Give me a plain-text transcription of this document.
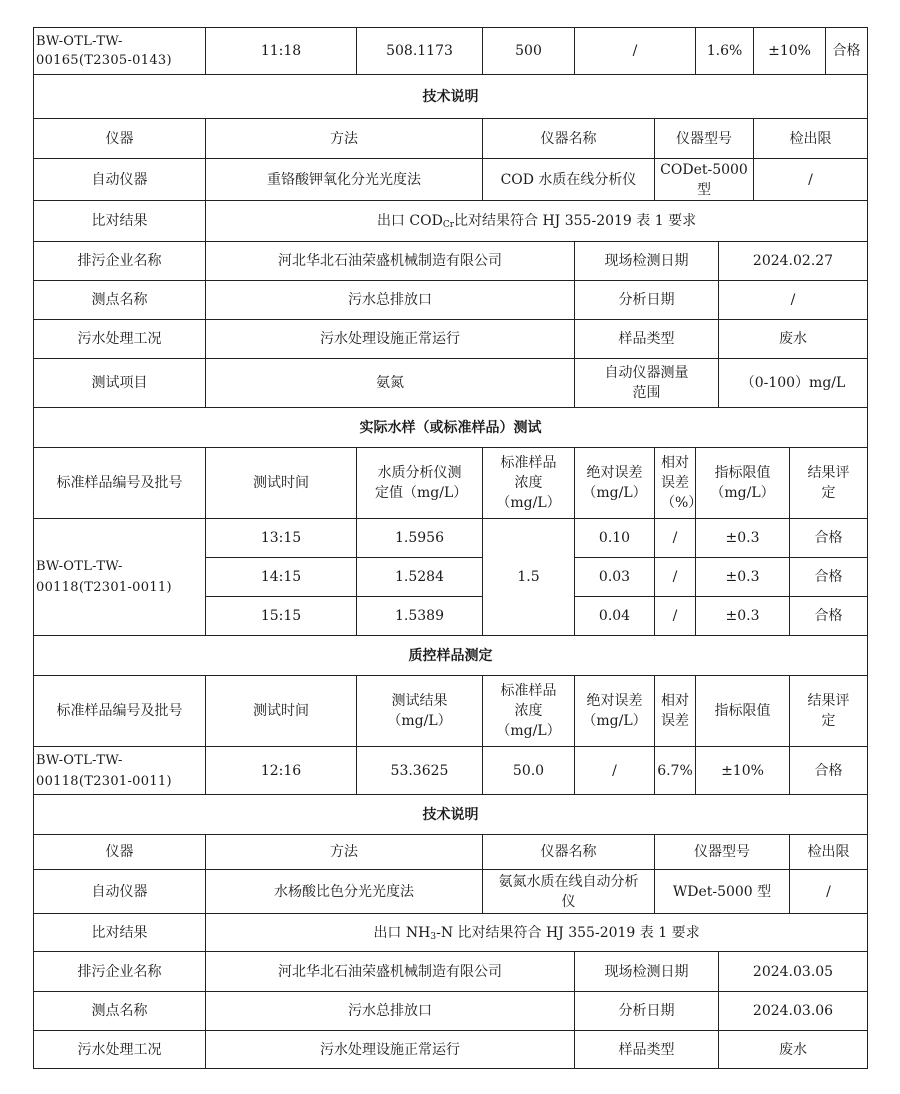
BW-OTL-TW-00165(T2305-0143)	11:18	508.1173	500	/		1.6%		±10%		合格
技术说明										
仪器	方法		仪器名称		仪器型号			检出限		
自动仪器	重铬酸钾氧化分光光度法		COD 水质在线分析仪		CODet-5000 型			/		
比对结果	出口 $COD_{Cr}$比对结果符合 HJ 355-2019 表 1 要求									
排污企业名称	河北华北石油荣盛机械制造有限公司			现场检测日期			2024.02.27			
测点名称	污水总排放口			分析日期			/			
污水处理工况	污水处理设施正常运行			样品类型			废水			
测试项目	氨氮			自动仪器测量范围			（0-100）mg/L			
实际水样（或标准样品）测试										
标准样品编号及批号	测试时间	水质分析仪测定值（mg/L）	标准样品浓度（mg/L）	绝对误差（mg/L）	相对误差（%）	指标限值（mg/L）			结果评定	
BW-OTL-TW-00118(T2301-0011)	13:15	1.5956	1.5	0.10	/	±0.3			合格	
	14:15	1.5284		0.03	/	±0.3			合格	
	15:15	1.5389		0.04	/	±0.3			合格	
质控样品测定										
标准样品编号及批号	测试时间	测试结果（mg/L）	标准样品浓度（mg/L）	绝对误差（mg/L）	相对误差	指标限值			结果评定	
BW-OTL-TW-00118(T2301-0011)	12:16	53.3625	50.0	/	6.7%	±10%			合格	
技术说明										
仪器	方法		仪器名称		仪器型号				检出限	
自动仪器	水杨酸比色分光光度法		氨氮水质在线自动分析仪		WDet-5000 型				/	
比对结果	出口 $NH_3-N$ 比对结果符合 HJ 355-2019 表 1 要求									
排污企业名称	河北华北石油荣盛机械制造有限公司			现场检测日期			2024.03.05			
测点名称	污水总排放口			分析日期			2024.03.06			
污水处理工况	污水处理设施正常运行			样品类型			废水			
